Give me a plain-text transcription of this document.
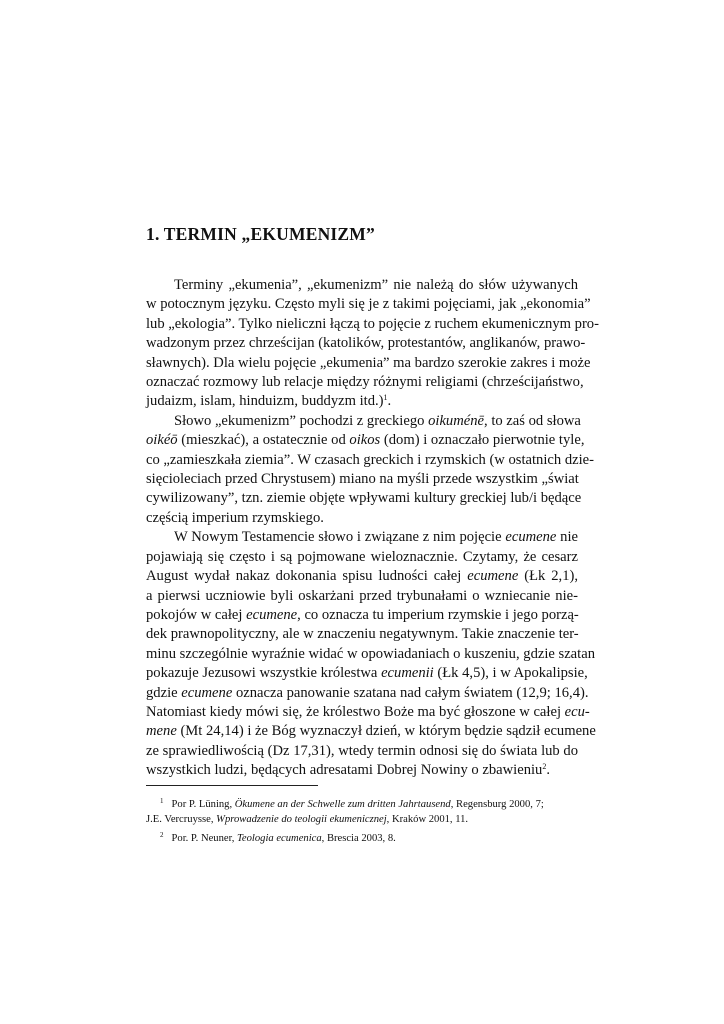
1. TERMIN „EKUMENIZM”

Terminy „ekumenia”, „ekumenizm” nie należą do słów używanych
w potocznym języku. Często myli się je z takimi pojęciami, jak „ekonomia”
lub „ekologia”. Tylko nieliczni łączą to pojęcie z ruchem ekumenicznym pro-
wadzonym przez chrześcijan (katolików, protestantów, anglikanów, prawo-
sławnych). Dla wielu pojęcie „ekumenia” ma bardzo szerokie zakres i może
oznaczać rozmowy lub relacje między różnymi religiami (chrześcijaństwo,
judaizm, islam, hinduizm, buddyzm itd.)$^1$.

Słowo „ekumenizm” pochodzi z greckiego oikuménē, to zaś od słowa
oikéō (mieszkać), a ostatecznie od oikos (dom) i oznaczało pierwotnie tyle,
co „zamieszkała ziemia”. W czasach greckich i rzymskich (w ostatnich dzie-
sięcioleciach przed Chrystusem) miano na myśli przede wszystkim „świat
cywilizowany”, tzn. ziemie objęte wpływami kultury greckiej lub/i będące
częścią imperium rzymskiego.

W Nowym Testamencie słowo i związane z nim pojęcie ecumene nie
pojawiają się często i są pojmowane wieloznacznie. Czytamy, że cesarz
August wydał nakaz dokonania spisu ludności całej ecumene (Łk 2,1),
a pierwsi uczniowie byli oskarżani przed trybunałami o wzniecanie nie-
pokojów w całej ecumene, co oznacza tu imperium rzymskie i jego porzą-
dek prawnopolityczny, ale w znaczeniu negatywnym. Takie znaczenie ter-
minu szczególnie wyraźnie widać w opowiadaniach o kuszeniu, gdzie szatan
pokazuje Jezusowi wszystkie królestwa ecumenii (Łk 4,5), i w Apokalipsie,
gdzie ecumene oznacza panowanie szatana nad całym światem (12,9; 16,4).
Natomiast kiedy mówi się, że królestwo Boże ma być głoszone w całej ecu-
mene (Mt 24,14) i że Bóg wyznaczył dzień, w którym będzie sądził ecumene
ze sprawiedliwością (Dz 17,31), wtedy termin odnosi się do świata lub do
wszystkich ludzi, będących adresatami Dobrej Nowiny o zbawieniu$^2$.

$^1$ Por P. Lüning, Ökumene an der Schwelle zum dritten Jahrtausend, Regensburg 2000, 7;
J.E. Vercruysse, Wprowadzenie do teologii ekumenicznej, Kraków 2001, 11.
$^2$ Por. P. Neuner, Teologia ecumenica, Brescia 2003, 8.
